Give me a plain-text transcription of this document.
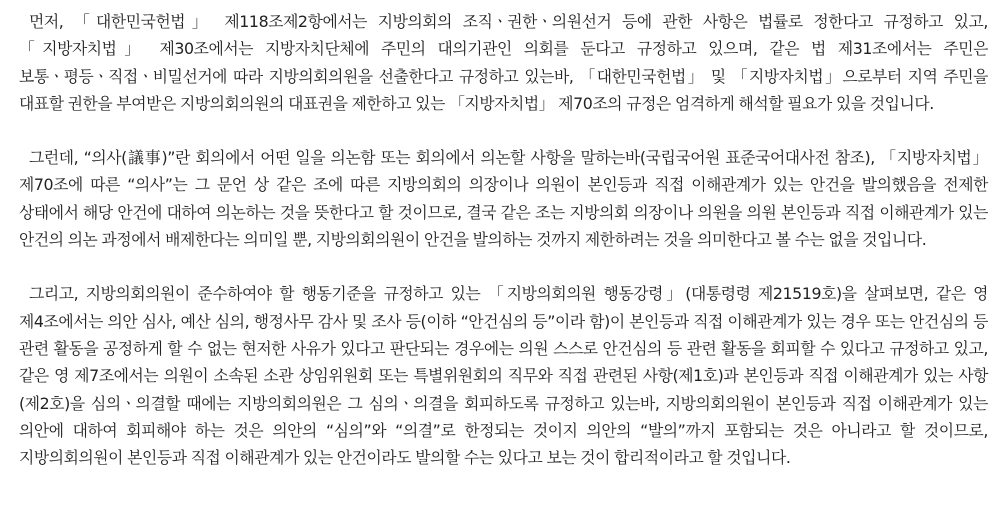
먼저, 「대한민국헌법」 제118조제2항에서는 지방의회의 조직ㆍ권한ㆍ의원선거 등에 관한 사항은 법률로 정한다고 규정하고 있고, 「지방자치법」 제30조에서는 지방자치단체에 주민의 대의기관인 의회를 둔다고 규정하고 있으며, 같은 법 제31조에서는 주민은 보통ㆍ평등ㆍ직접ㆍ비밀선거에 따라 지방의회의원을 선출한다고 규정하고 있는바, 「대한민국헌법」 및 「지방자치법」으로부터 지역 주민을 대표할 권한을 부여받은 지방의회의원의 대표권을 제한하고 있는 「지방자치법」 제70조의 규정은 엄격하게 해석할 필요가 있을 것입니다.

그런데, “의사(議事)”란 회의에서 어떤 일을 의논함 또는 회의에서 의논할 사항을 말하는바(국립국어원 표준국어대사전 참조), 「지방자치법」 제70조에 따른 “의사”는 그 문언 상 같은 조에 따른 지방의회의 의장이나 의원이 본인등과 직접 이해관계가 있는 안건을 발의했음을 전제한 상태에서 해당 안건에 대하여 의논하는 것을 뜻한다고 할 것이므로, 결국 같은 조는 지방의회 의장이나 의원을 의원 본인등과 직접 이해관계가 있는 안건의 의논 과정에서 배제한다는 의미일 뿐, 지방의회의원이 안건을 발의하는 것까지 제한하려는 것을 의미한다고 볼 수는 없을 것입니다.

그리고, 지방의회의원이 준수하여야 할 행동기준을 규정하고 있는 「지방의회의원 행동강령」(대통령령 제21519호)을 살펴보면, 같은 영 제4조에서는 의안 심사, 예산 심의, 행정사무 감사 및 조사 등(이하 “안건심의 등”이라 함)이 본인등과 직접 이해관계가 있는 경우 또는 안건심의 등 관련 활동을 공정하게 할 수 없는 현저한 사유가 있다고 판단되는 경우에는 의원 스스로 안건심의 등 관련 활동을 회피할 수 있다고 규정하고 있고, 같은 영 제7조에서는 의원이 소속된 소관 상임위원회 또는 특별위원회의 직무와 직접 관련된 사항(제1호)과 본인등과 직접 이해관계가 있는 사항(제2호)을 심의ㆍ의결할 때에는 지방의회의원은 그 심의ㆍ의결을 회피하도록 규정하고 있는바, 지방의회의원이 본인등과 직접 이해관계가 있는 의안에 대하여 회피해야 하는 것은 의안의 “심의”와 “의결”로 한정되는 것이지 의안의 “발의”까지 포함되는 것은 아니라고 할 것이므로, 지방의회의원이 본인등과 직접 이해관계가 있는 안건이라도 발의할 수는 있다고 보는 것이 합리적이라고 할 것입니다.
